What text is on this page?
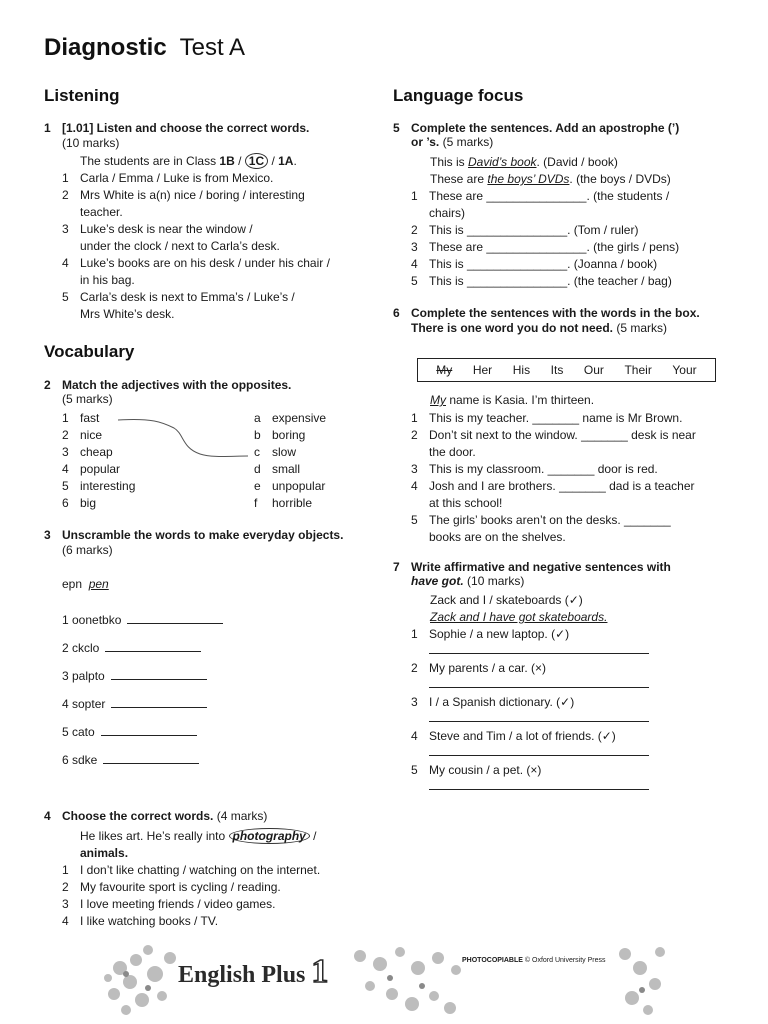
Diagnostic Test A
Listening
1 [1.01] Listen and choose the correct words.
(10 marks)
The students are in Class 1B / 1C / 1A.
1 Carla / Emma / Luke is from Mexico.
2 Mrs White is a(n) nice / boring / interesting
teacher.
3 Luke’s desk is near the window /
under the clock / next to Carla’s desk.
4 Luke’s books are on his desk / under his chair /
in his bag.
5 Carla’s desk is next to Emma’s / Luke’s /
Mrs White’s desk.
Vocabulary
2 Match the adjectives with the opposites.
(5 marks)
1 fast
2 nice
3 cheap
4 popular
5 interesting
6 big
a expensive
b boring
c slow
d small
e unpopular
f horrible
3 Unscramble the words to make everyday objects.
(6 marks)
epn pen
1 oonetbko
2 ckclo
3 palpto
4 sopter
5 cato
6 sdke
4 Choose the correct words. (4 marks)
He likes art. He’s really into photography /
animals.
1 I don’t like chatting / watching on the internet.
2 My favourite sport is cycling / reading.
3 I love meeting friends / video games.
4 I like watching books / TV.
Language focus
5 Complete the sentences. Add an apostrophe (’)
or ’s. (5 marks)
This is David’s book. (David / book)
These are the boys’ DVDs. (the boys / DVDs)
1 These are _______________. (the students /
chairs)
2 This is _______________. (Tom / ruler)
3 These are _______________. (the girls / pens)
4 This is _______________. (Joanna / book)
5 This is _______________. (the teacher / bag)
6 Complete the sentences with the words in the box.
There is one word you do not need. (5 marks)
My Her His Its Our Their Your
My name is Kasia. I’m thirteen.
1 This is my teacher. _______ name is Mr Brown.
2 Don’t sit next to the window. _______ desk is near
the door.
3 This is my classroom. _______ door is red.
4 Josh and I are brothers. _______ dad is a teacher
at this school!
5 The girls’ books aren’t on the desks. _______
books are on the shelves.
7 Write affirmative and negative sentences with
have got. (10 marks)
Zack and I / skateboards (✓)
Zack and I have got skateboards.
1 Sophie / a new laptop. (✓)
2 My parents / a car. (×)
3 I / a Spanish dictionary. (✓)
4 Steve and Tim / a lot of friends. (✓)
5 My cousin / a pet. (×)
English Plus 1	PHOTOCOPIABLE © Oxford University Press
